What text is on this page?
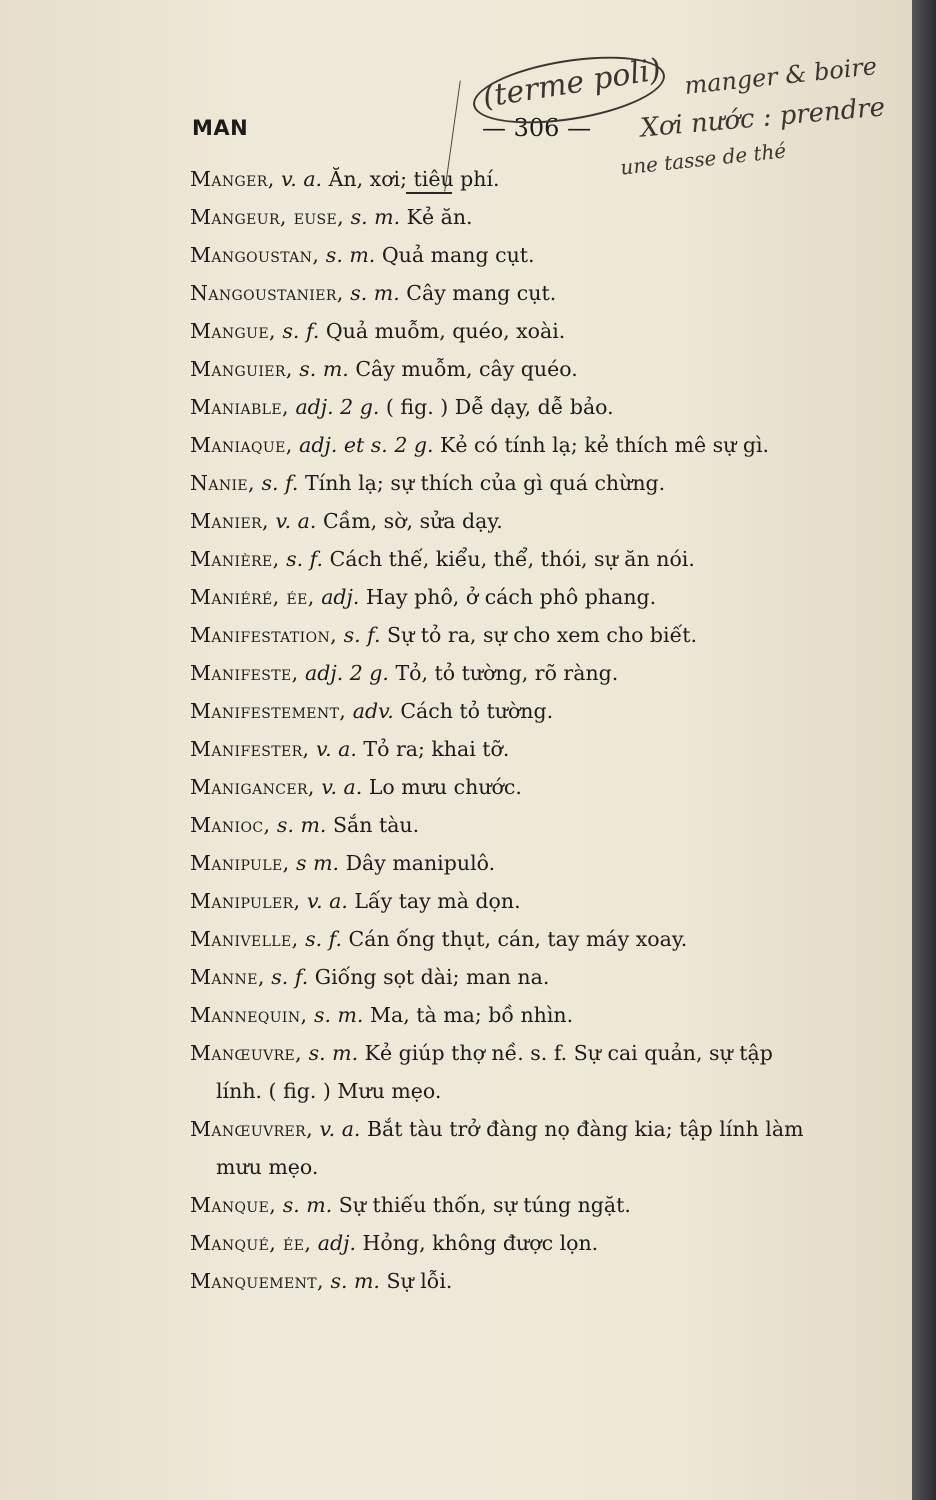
MAN	— 306 —
(terme poli) manger & boire
Xơi nước : prendre
une tasse de thé
Manger, v. a. Ăn, xơi; tiêu phí.
Mangeur, euse, s. m. Kẻ ăn.
Mangoustan, s. m. Quả mang cụt.
Nangoustanier, s. m. Cây mang cụt.
Mangue, s. f. Quả muỗm, quéo, xoài.
Manguier, s. m. Cây muỗm, cây quéo.
Maniable, adj. 2 g. ( fig. ) Dễ dạy, dễ bảo.
Maniaque, adj. et s. 2 g. Kẻ có tính lạ; kẻ thích mê sự gì.
Nanie, s. f. Tính lạ; sự thích của gì quá chừng.
Manier, v. a. Cầm, sờ, sửa dạy.
Manière, s. f. Cách thế, kiểu, thể, thói, sự ăn nói.
Maniéré, ée, adj. Hay phô, ở cách phô phang.
Manifestation, s. f. Sự tỏ ra, sự cho xem cho biết.
Manifeste, adj. 2 g. Tỏ, tỏ tường, rõ ràng.
Manifestement, adv. Cách tỏ tường.
Manifester, v. a. Tỏ ra; khai tỡ.
Manigancer, v. a. Lo mưu chước.
Manioc, s. m. Sắn tàu.
Manipule, s m. Dây manipulô.
Manipuler, v. a. Lấy tay mà dọn.
Manivelle, s. f. Cán ống thụt, cán, tay máy xoay.
Manne, s. f. Giống sọt dài; man na.
Mannequin, s. m. Ma, tà ma; bồ nhìn.
Manœuvre, s. m. Kẻ giúp thợ nề. s. f. Sự cai quản, sự tập
lính. ( fig. ) Mưu mẹo.
Manœuvrer, v. a. Bắt tàu trở đàng nọ đàng kia; tập lính làm
mưu mẹo.
Manque, s. m. Sự thiếu thốn, sự túng ngặt.
Manqué, ée, adj. Hỏng, không được lọn.
Manquement, s. m. Sự lỗi.
